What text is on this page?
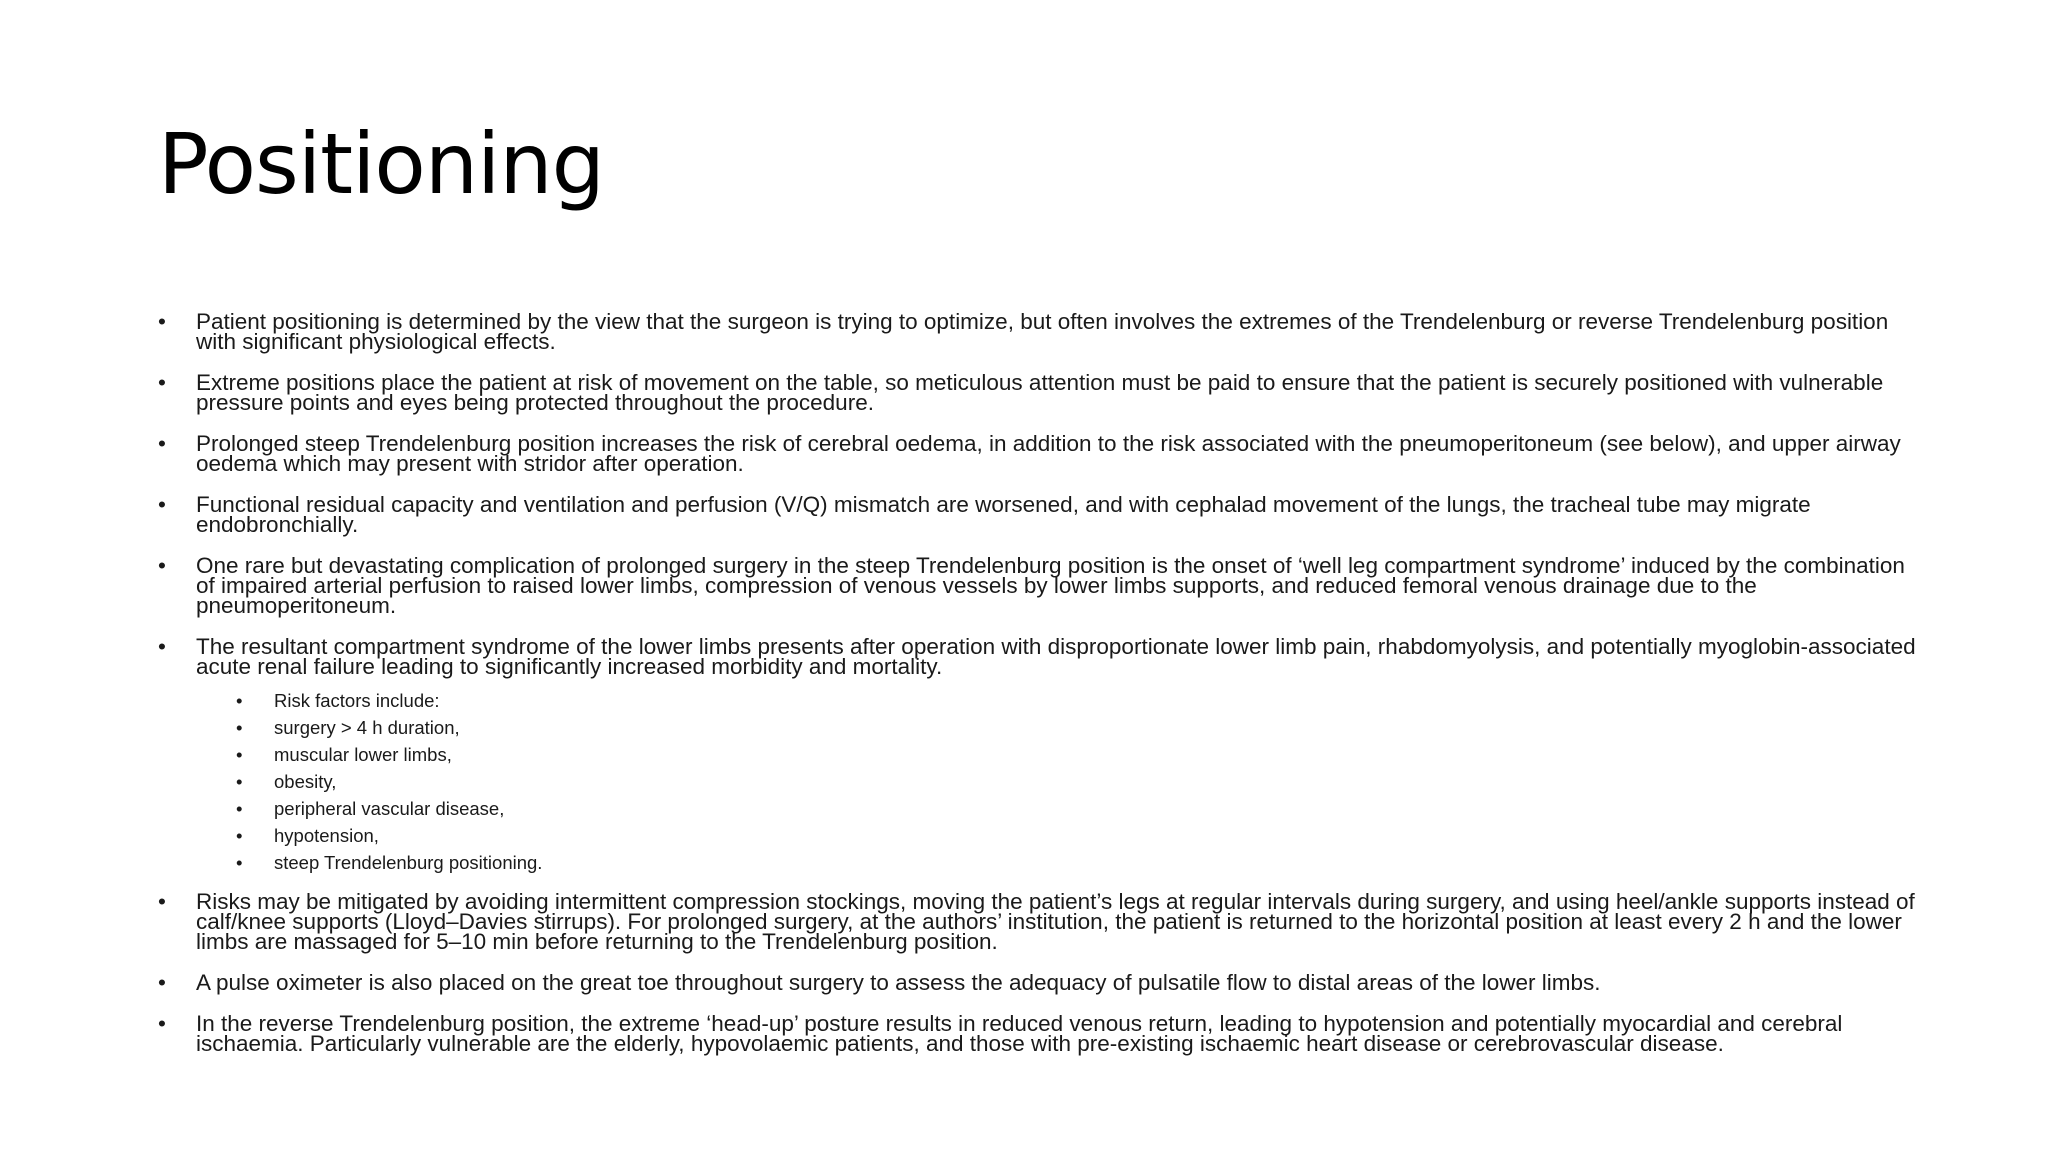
Positioning
• Patient positioning is determined by the view that the surgeon is trying to optimize, but often involves the extremes of the Trendelenburg or reverse Trendelenburg position with significant physiological effects.
• Extreme positions place the patient at risk of movement on the table, so meticulous attention must be paid to ensure that the patient is securely positioned with vulnerable pressure points and eyes being protected throughout the procedure.
• Prolonged steep Trendelenburg position increases the risk of cerebral oedema, in addition to the risk associated with the pneumoperitoneum (see below), and upper airway oedema which may present with stridor after operation.
• Functional residual capacity and ventilation and perfusion (V/Q) mismatch are worsened, and with cephalad movement of the lungs, the tracheal tube may migrate endobronchially.
• One rare but devastating complication of prolonged surgery in the steep Trendelenburg position is the onset of ‘well leg compartment syndrome’ induced by the combination of impaired arterial perfusion to raised lower limbs, compression of venous vessels by lower limbs supports, and reduced femoral venous drainage due to the pneumoperitoneum.
• The resultant compartment syndrome of the lower limbs presents after operation with disproportionate lower limb pain, rhabdomyolysis, and potentially myoglobin-associated acute renal failure leading to significantly increased morbidity and mortality.
• Risk factors include:
• surgery > 4 h duration,
• muscular lower limbs,
• obesity,
• peripheral vascular disease,
• hypotension,
• steep Trendelenburg positioning.
• Risks may be mitigated by avoiding intermittent compression stockings, moving the patient’s legs at regular intervals during surgery, and using heel/ankle supports instead of calf/knee supports (Lloyd–Davies stirrups). For prolonged surgery, at the authors’ institution, the patient is returned to the horizontal position at least every 2 h and the lower limbs are massaged for 5–10 min before returning to the Trendelenburg position.
• A pulse oximeter is also placed on the great toe throughout surgery to assess the adequacy of pulsatile flow to distal areas of the lower limbs.
• In the reverse Trendelenburg position, the extreme ‘head-up’ posture results in reduced venous return, leading to hypotension and potentially myocardial and cerebral ischaemia. Particularly vulnerable are the elderly, hypovolaemic patients, and those with pre-existing ischaemic heart disease or cerebrovascular disease.
